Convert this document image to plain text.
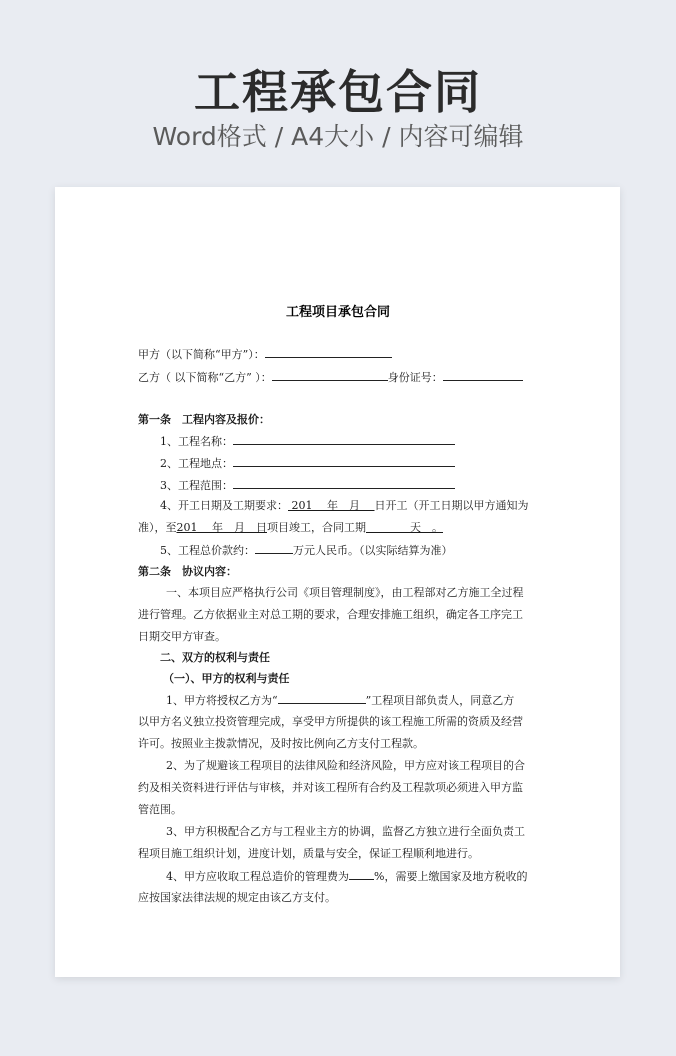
工程承包合同
Word格式 / A4大小 / 内容可编辑
工程项目承包合同
甲方（以下简称“甲方”）：
乙方（ 以下简称“乙方” ）：	身份证号：
第一条　工程内容及报价：
1、工程名称：
2、工程地点：
3、工程范围：
4、开工日期及工期要求： 201　 年　月　 日开工（开工日期以甲方通知为
准），至201　 年　月　日项目竣工，合同工期　　　　天　。
5、工程总价款约：	万元人民币。（以实际结算为准）
第二条　协议内容：
一、本项目应严格执行公司《项目管理制度》，由工程部对乙方施工全过程
进行管理。乙方依据业主对总工期的要求，合理安排施工组织，确定各工序完工
日期交甲方审查。
二、双方的权利与责任
（一）、甲方的权利与责任
1、甲方将授权乙方为“	”工程项目部负责人，同意乙方
以甲方名义独立投资管理完成，享受甲方所提供的该工程施工所需的资质及经营
许可。按照业主拨款情况，及时按比例向乙方支付工程款。
2、为了规避该工程项目的法律风险和经济风险，甲方应对该工程项目的合
约及相关资料进行评估与审核，并对该工程所有合约及工程款项必须进入甲方监
管范围。
3、甲方积极配合乙方与工程业主方的协调，监督乙方独立进行全面负责工
程项目施工组织计划，进度计划，质量与安全，保证工程顺利地进行。
4、甲方应收取工程总造价的管理费为 %，需要上缴国家及地方税收的
应按国家法律法规的规定由该乙方支付。
